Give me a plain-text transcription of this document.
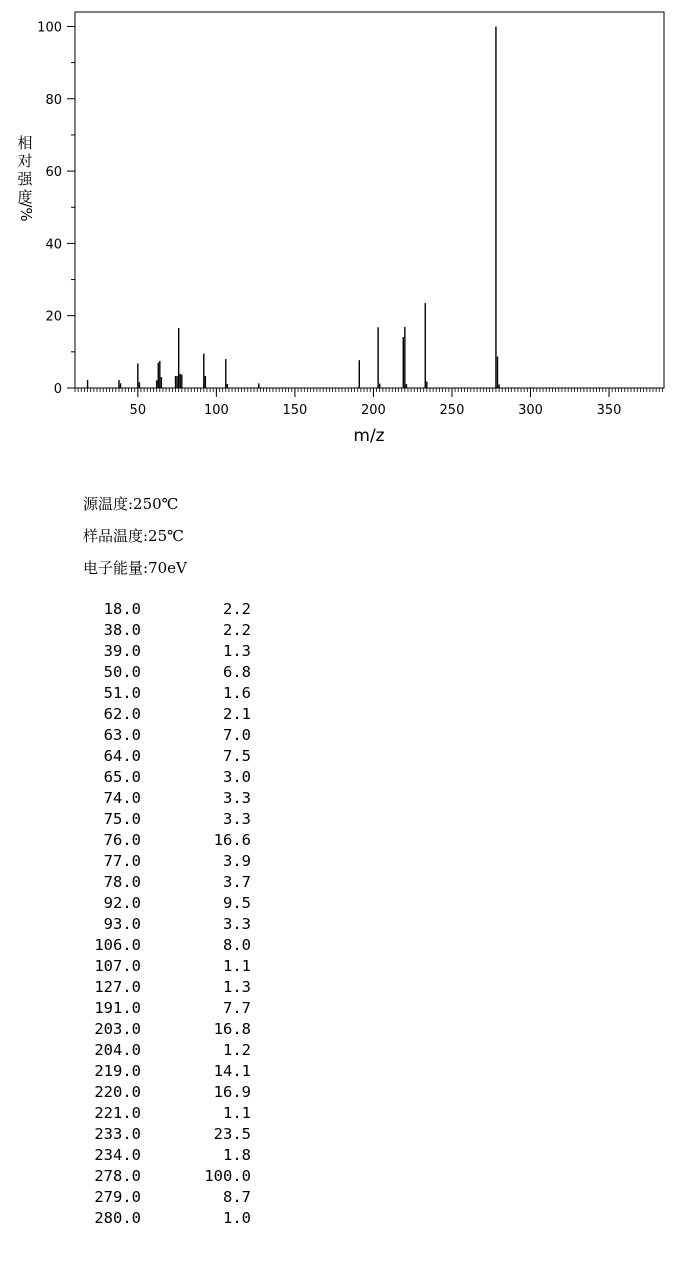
50	100	150	200	250	300	350
0
20
40
60
80
100
相
对
强
度
/%
m/z
源温度:250℃
样品温度:25℃
电子能量:70eV
18.0	2.2
38.0	2.2
39.0	1.3
50.0	6.8
51.0	1.6
62.0	2.1
63.0	7.0
64.0	7.5
65.0	3.0
74.0	3.3
75.0	3.3
76.0	16.6
77.0	3.9
78.0	3.7
92.0	9.5
93.0	3.3
106.0	8.0
107.0	1.1
127.0	1.3
191.0	7.7
203.0	16.8
204.0	1.2
219.0	14.1
220.0	16.9
221.0	1.1
233.0	23.5
234.0	1.8
278.0	100.0
279.0	8.7
280.0	1.0
